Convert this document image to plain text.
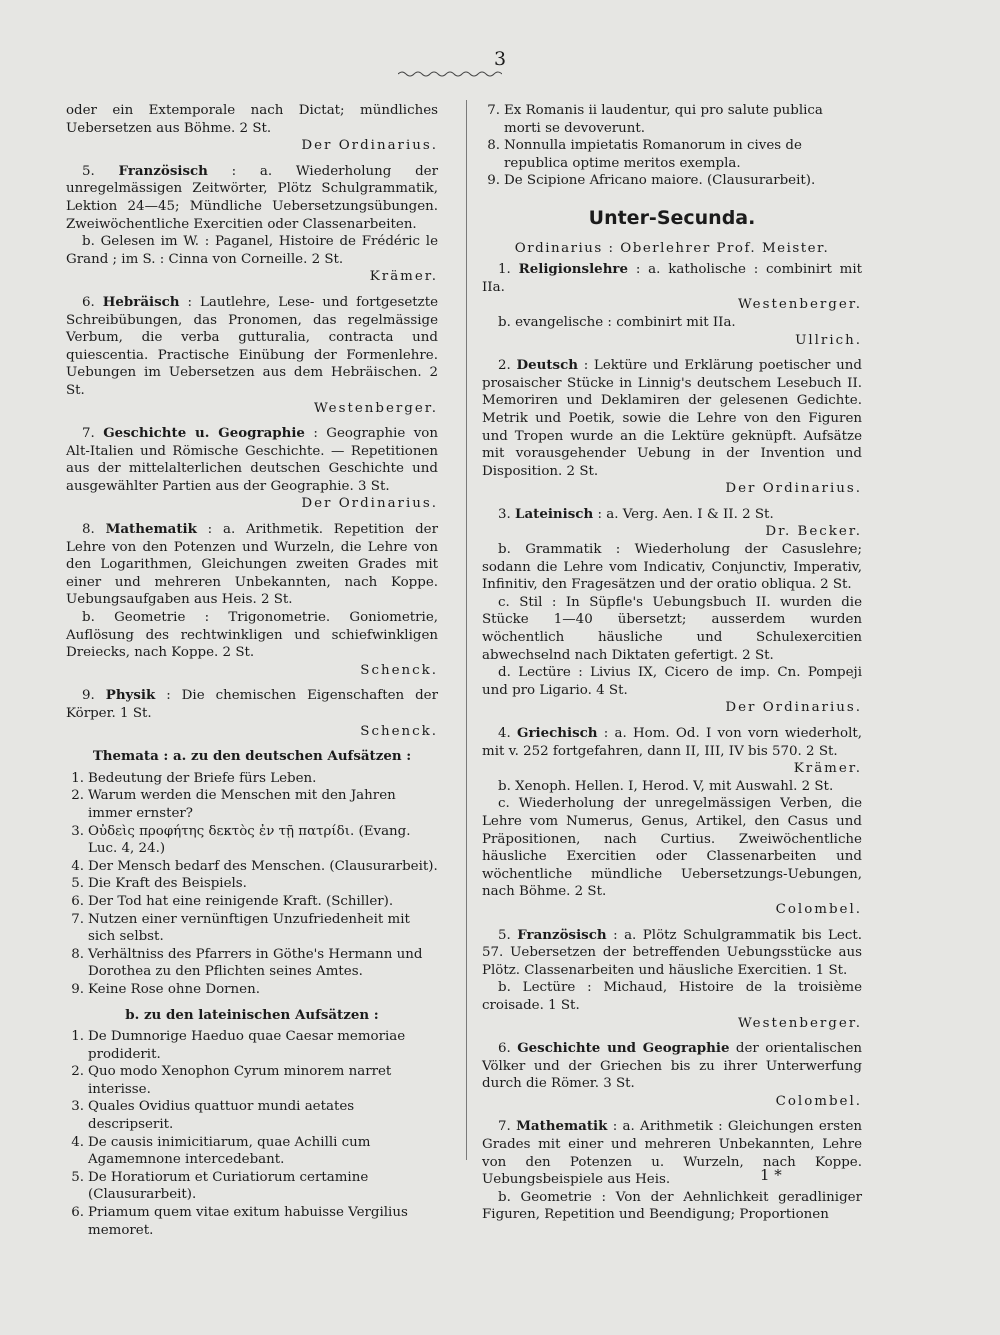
3

oder ein Extemporale nach Dictat; mündliches Uebersetzen aus Böhme. 2 St.

Der Ordinarius.

5. Französisch : a. Wiederholung der unregelmässigen Zeitwörter, Plötz Schulgrammatik, Lektion 24—45; Mündliche Uebersetzungsübungen. Zweiwöchentliche Exercitien oder Classenarbeiten.

b. Gelesen im W. : Paganel, Histoire de Frédéric le Grand ; im S. : Cinna von Corneille. 2 St.

Krämer.

6. Hebräisch : Lautlehre, Lese- und fortgesetzte Schreibübungen, das Pronomen, das regelmässige Verbum, die verba gutturalia, contracta und quiescentia. Practische Einübung der Formenlehre. Uebungen im Uebersetzen aus dem Hebräischen. 2 St.

Westenberger.

7. Geschichte u. Geographie : Geographie von Alt-Italien und Römische Geschichte. — Repetitionen aus der mittelalterlichen deutschen Geschichte und ausgewählter Partien aus der Geographie. 3 St.

Der Ordinarius.

8. Mathematik : a. Arithmetik. Repetition der Lehre von den Potenzen und Wurzeln, die Lehre von den Logarithmen, Gleichungen zweiten Grades mit einer und mehreren Unbekannten, nach Koppe. Uebungsaufgaben aus Heis. 2 St.

b. Geometrie : Trigonometrie. Goniometrie, Auflösung des rechtwinkligen und schiefwinkligen Dreiecks, nach Koppe. 2 St.

Schenck.

9. Physik : Die chemischen Eigenschaften der Körper. 1 St.

Schenck.
Themata : a. zu den deutschen Aufsätzen :
1. Bedeutung der Briefe fürs Leben.
2. Warum werden die Menschen mit den Jahren immer ernster?
3. Οὐδεὶς προφήτης δεκτὸς ἐν τῇ πατρίδι. (Evang. Luc. 4, 24.)
4. Der Mensch bedarf des Menschen. (Clausurarbeit).
5. Die Kraft des Beispiels.
6. Der Tod hat eine reinigende Kraft. (Schiller).
7. Nutzen einer vernünftigen Unzufriedenheit mit sich selbst.
8. Verhältniss des Pfarrers in Göthe's Hermann und Dorothea zu den Pflichten seines Amtes.
9. Keine Rose ohne Dornen.
b. zu den lateinischen Aufsätzen :
1. De Dumnorige Haeduo quae Caesar memoriae prodiderit.
2. Quo modo Xenophon Cyrum minorem narret interisse.
3. Quales Ovidius quattuor mundi aetates descripserit.
4. De causis inimicitiarum, quae Achilli cum Agamemnone intercedebant.
5. De Horatiorum et Curiatiorum certamine (Clausurarbeit).
6. Priamum quem vitae exitum habuisse Vergilius memoret.
7. Ex Romanis ii laudentur, qui pro salute publica morti se devoverunt.
8. Nonnulla impietatis Romanorum in cives de republica optime meritos exempla.
9. De Scipione Africano maiore. (Clausurarbeit).
Unter-Secunda.
Ordinarius : Oberlehrer Prof. Meister.

1. Religionslehre : a. katholische : combinirt mit IIa.

Westenberger.

b. evangelische : combinirt mit IIa.

Ullrich.

2. Deutsch : Lektüre und Erklärung poetischer und prosaischer Stücke in Linnig's deutschem Lesebuch II. Memoriren und Deklamiren der gelesenen Gedichte. Metrik und Poetik, sowie die Lehre von den Figuren und Tropen wurde an die Lektüre geknüpft. Aufsätze mit vorausgehender Uebung in der Invention und Disposition. 2 St.

Der Ordinarius.

3. Lateinisch : a. Verg. Aen. I & II. 2 St.

Dr. Becker.

b. Grammatik : Wiederholung der Casuslehre; sodann die Lehre vom Indicativ, Conjunctiv, Imperativ, Infinitiv, den Fragesätzen und der oratio obliqua. 2 St.

c. Stil : In Süpfle's Uebungsbuch II. wurden die Stücke 1—40 übersetzt; ausserdem wurden wöchentlich häusliche und Schulexercitien abwechselnd nach Diktaten gefertigt. 2 St.

d. Lectüre : Livius IX, Cicero de imp. Cn. Pompeji und pro Ligario. 4 St.

Der Ordinarius.

4. Griechisch : a. Hom. Od. I von vorn wiederholt, mit v. 252 fortgefahren, dann II, III, IV bis 570. 2 St.

Krämer.

b. Xenoph. Hellen. I, Herod. V, mit Auswahl. 2 St.

c. Wiederholung der unregelmässigen Verben, die Lehre vom Numerus, Genus, Artikel, den Casus und Präpositionen, nach Curtius. Zweiwöchentliche häusliche Exercitien oder Classenarbeiten und wöchentliche mündliche Uebersetzungs-Uebungen, nach Böhme. 2 St.

Colombel.

5. Französisch : a. Plötz Schulgrammatik bis Lect. 57. Uebersetzen der betreffenden Uebungsstücke aus Plötz. Classenarbeiten und häusliche Exercitien. 1 St.

b. Lectüre : Michaud, Histoire de la troisième croisade. 1 St.

Westenberger.

6. Geschichte und Geographie der orientalischen Völker und der Griechen bis zu ihrer Unterwerfung durch die Römer. 3 St.

Colombel.

7. Mathematik : a. Arithmetik : Gleichungen ersten Grades mit einer und mehreren Unbekannten, Lehre von den Potenzen u. Wurzeln, nach Koppe. Uebungsbeispiele aus Heis.

b. Geometrie : Von der Aehnlichkeit geradliniger Figuren, Repetition und Beendigung; Proportionen

1 *
